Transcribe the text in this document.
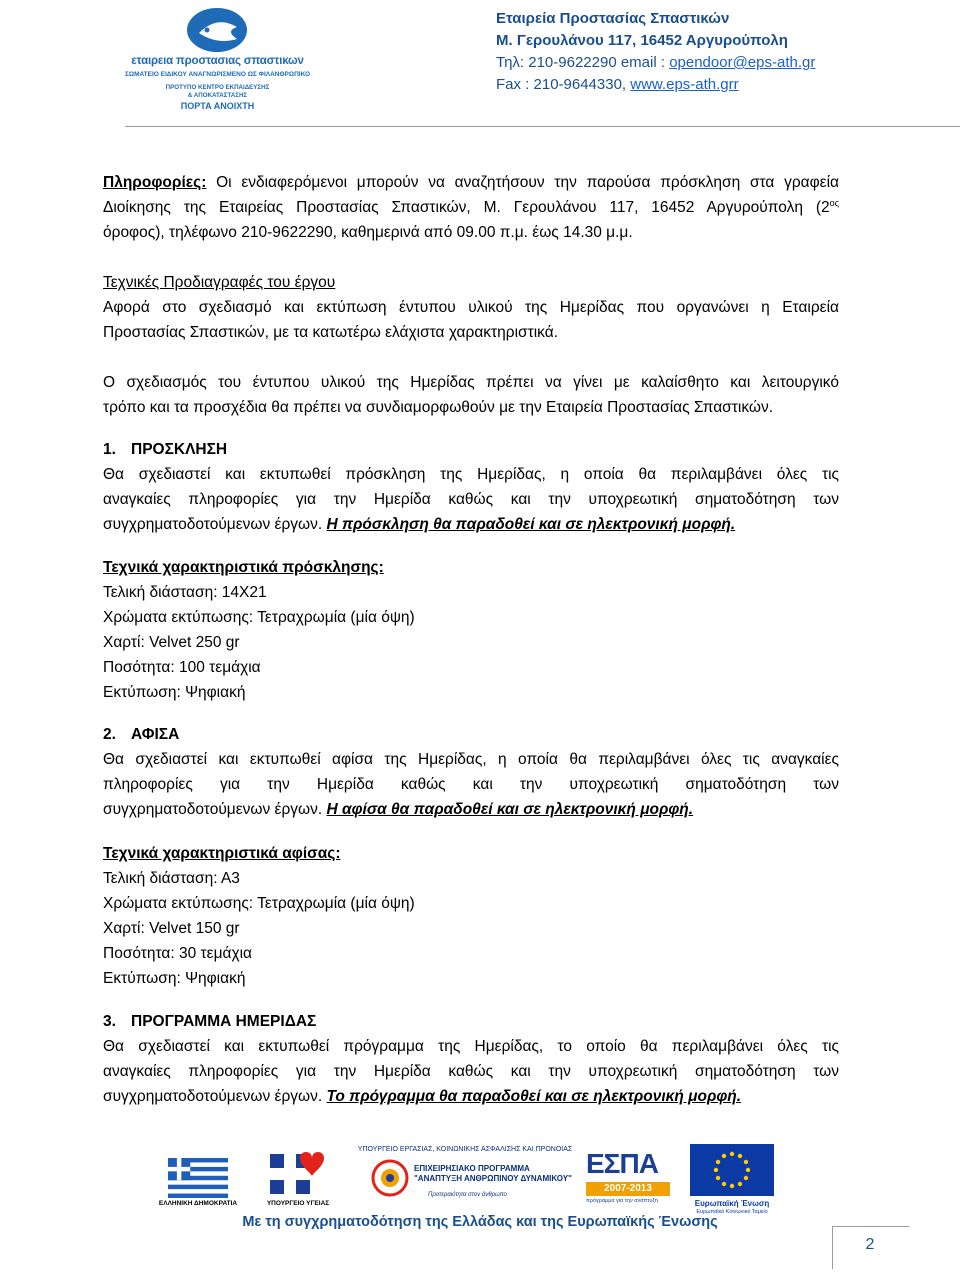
εταιρεια προστασιας σπαστικων
ΣΩΜΑΤΕΙΟ ΕΙΔΙΚΟΥ ΑΝΑΓΝΩΡΙΣΜΕΝΟ ΩΣ ΦΙΛΑΝΘΡΩΠΙΚΟ
ΠΡΟΤΥΠΟ ΚΕΝΤΡΟ ΕΚΠΑΙΔΕΥΣΗΣ
& ΑΠΟΚΑΤΑΣΤΑΣΗΣ
ΠΟΡΤΑ ΑΝΟΙΧΤΗ
Εταιρεία Προστασίας Σπαστικών
Μ. Γερουλάνου 117, 16452 Αργυρούπολη
Τηλ: 210-9622290 email : opendoor@eps-ath.gr
Fax : 210-9644330, www.eps-ath.grr
Πληροφορίες: Οι ενδιαφερόμενοι μπορούν να αναζητήσουν την παρούσα πρόσκληση στα γραφεία
Διοίκησης της Εταιρείας Προστασίας Σπαστικών, Μ. Γερουλάνου 117, 16452 Αργυρούπολη ($2^{o\varsigma}$
όροφος), τηλέφωνο 210-9622290, καθημερινά από 09.00 π.μ. έως 14.30 μ.μ.
Τεχνικές Προδιαγραφές του έργου
Αφορά στο σχεδιασμό και εκτύπωση έντυπου υλικού της Ημερίδας που οργανώνει η Εταιρεία
Προστασίας Σπαστικών, με τα κατωτέρω ελάχιστα χαρακτηριστικά.
Ο σχεδιασμός του έντυπου υλικού της Ημερίδας πρέπει να γίνει με καλαίσθητο και λειτουργικό
τρόπο και τα προσχέδια θα πρέπει να συνδιαμορφωθούν με την Εταιρεία Προστασίας Σπαστικών.
1. ΠΡΟΣΚΛΗΣΗ
Θα σχεδιαστεί και εκτυπωθεί πρόσκληση της Ημερίδας, η οποία θα περιλαμβάνει όλες τις
αναγκαίες πληροφορίες για την Ημερίδα καθώς και την υποχρεωτική σηματοδότηση των
συγχρηματοδοτούμενων έργων. Η πρόσκληση θα παραδοθεί και σε ηλεκτρονική μορφή.
Τεχνικά χαρακτηριστικά πρόσκλησης:
Τελική διάσταση: 14Χ21
Χρώματα εκτύπωσης: Τετραχρωμία (μία όψη)
Χαρτί: Velvet 250 gr
Ποσότητα: 100 τεμάχια
Εκτύπωση: Ψηφιακή
2. ΑΦΙΣΑ
Θα σχεδιαστεί και εκτυπωθεί αφίσα της Ημερίδας, η οποία θα περιλαμβάνει όλες τις αναγκαίες
πληροφορίες για την Ημερίδα καθώς και την υποχρεωτική σηματοδότηση των
συγχρηματοδοτούμενων έργων. Η αφίσα θα παραδοθεί και σε ηλεκτρονική μορφή.
Τεχνικά χαρακτηριστικά αφίσας:
Τελική διάσταση: Α3
Χρώματα εκτύπωσης: Τετραχρωμία (μία όψη)
Χαρτί: Velvet 150 gr
Ποσότητα: 30 τεμάχια
Εκτύπωση: Ψηφιακή
3. ΠΡΟΓΡΑΜΜΑ ΗΜΕΡΙΔΑΣ
Θα σχεδιαστεί και εκτυπωθεί πρόγραμμα της Ημερίδας, το οποίο θα περιλαμβάνει όλες τις
αναγκαίες πληροφορίες για την Ημερίδα καθώς και την υποχρεωτική σηματοδότηση των
συγχρηματοδοτούμενων έργων. Το πρόγραμμα θα παραδοθεί και σε ηλεκτρονική μορφή.
ΕΛΛΗΝΙΚΗ ΔΗΜΟΚΡΑΤΙΑ	ΥΠΟΥΡΓΕΙΟ ΥΓΕΙΑΣ
ΥΠΟΥΡΓΕΙΟ ΕΡΓΑΣΙΑΣ, ΚΟΙΝΩΝΙΚΗΣ ΑΣΦΑΛΙΣΗΣ ΚΑΙ ΠΡΟΝΟΙΑΣ
ΕΠΙΧΕΙΡΗΣΙΑΚΟ ΠΡΟΓΡΑΜΜΑ
"ΑΝΑΠΤΥΞΗ ΑΝΘΡΩΠΙΝΟΥ ΔΥΝΑΜΙΚΟΥ"
Προτεραιότητα στον άνθρωπο
ΕΣΠΑ
2007-2013
πρόγραμμα για την ανάπτυξη	Ευρωπαϊκή Ένωση
Ευρωπαϊκό Κοινωνικό Ταμείο
Με τη συγχρηματοδότηση της Ελλάδας και της Ευρωπαϊκής Ένωσης
2
